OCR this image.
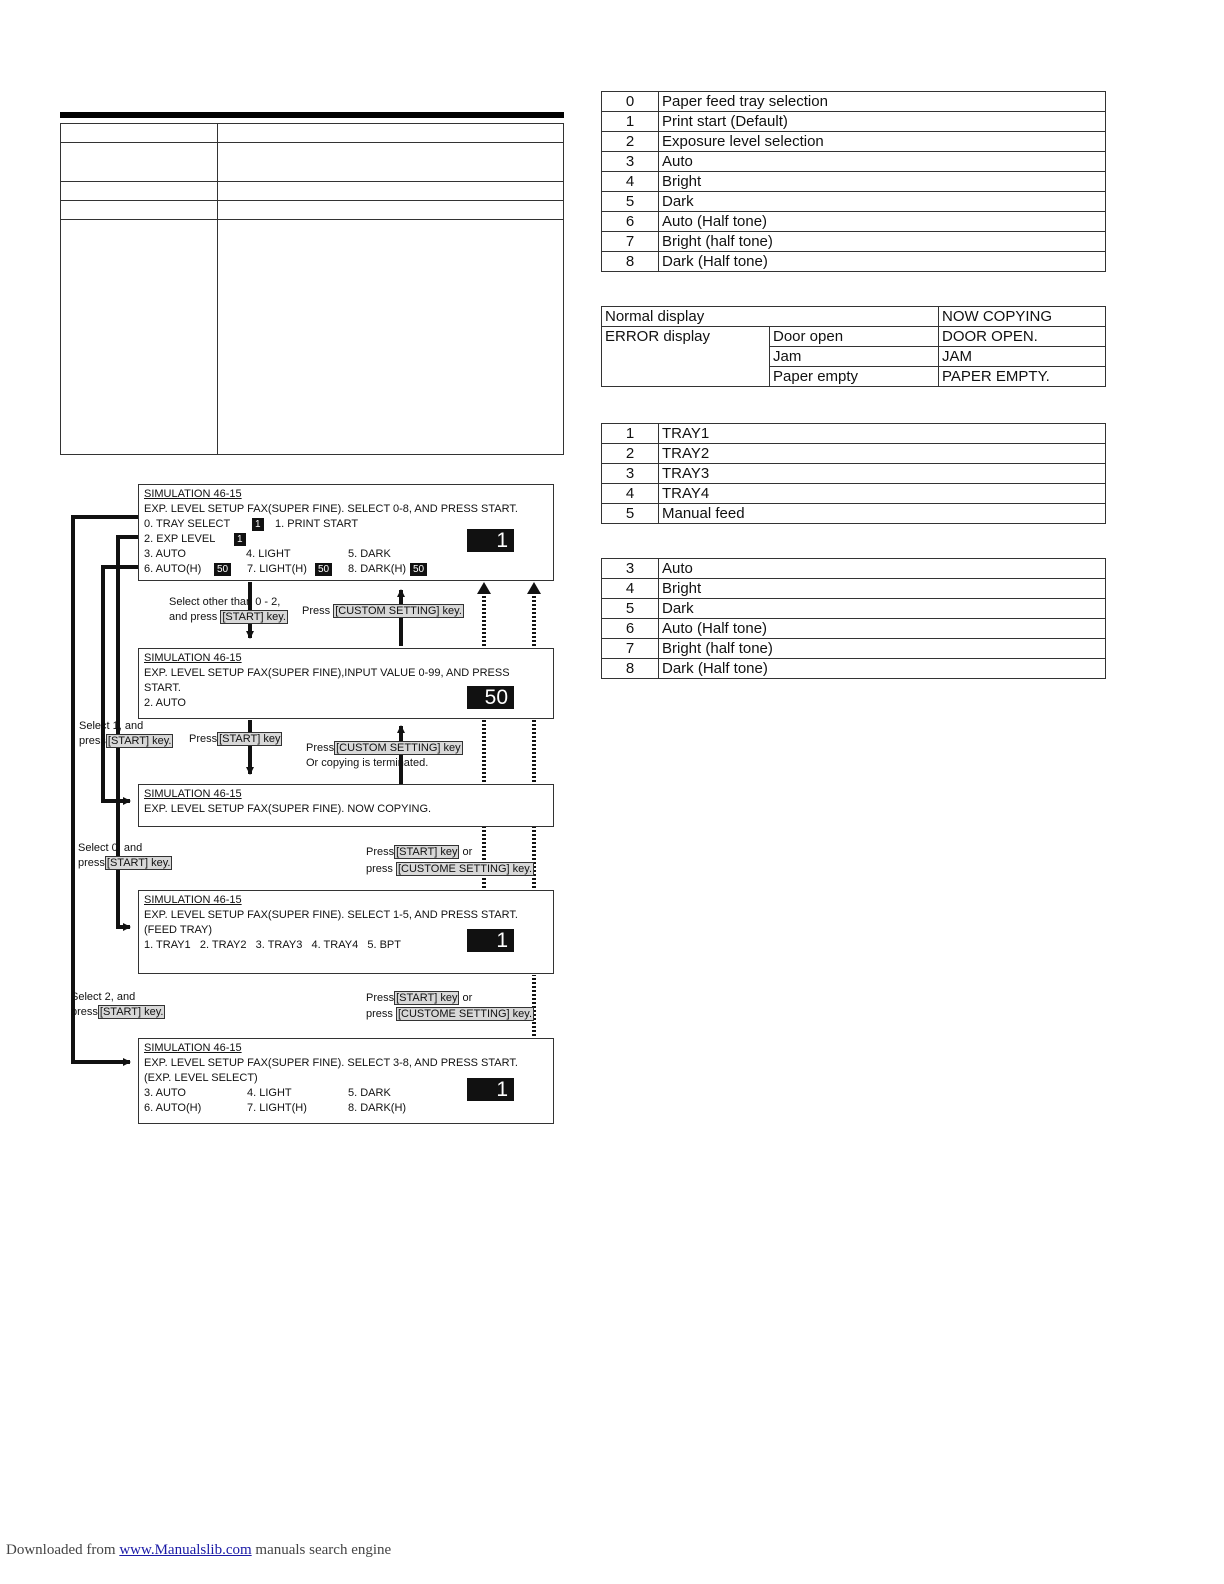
0	Paper feed tray selection
1	Print start (Default)
2	Exposure level selection
3	Auto
4	Bright
5	Dark
6	Auto (Half tone)
7	Bright (half tone)
8	Dark (Half tone)
Normal display		NOW COPYING
ERROR display	Door open	DOOR OPEN.
	Jam	JAM
	Paper empty	PAPER EMPTY.
1	TRAY1
2	TRAY2
3	TRAY3
4	TRAY4
5	Manual feed
3	Auto
4	Bright
5	Dark
6	Auto (Half tone)
7	Bright (half tone)
8	Dark (Half tone)
SIMULATION 46-15
EXP. LEVEL SETUP FAX(SUPER FINE). SELECT 0-8, AND PRESS START.
0. TRAY SELECT	1 1. PRINT START
2. EXP LEVEL	1
3. AUTO	4. LIGHT	5. DARK
6. AUTO(H)	50 7. LIGHT(H)	50 8. DARK(H) 50
1
Select other than 0 - 2,
and press [START] key. Press [CUSTOM SETTING] key.
SIMULATION 46-15
EXP. LEVEL SETUP FAX(SUPER FINE),INPUT VALUE 0-99, AND PRESS
START.
2. AUTO	50
Select 1, and
press [START] key. Press [START] key
Press [CUSTOM SETTING] key
Or copying is terminated.
SIMULATION 46-15
EXP. LEVEL SETUP FAX(SUPER FINE). NOW COPYING.
Select 0, and
press [START] key.
Press [START] key or
press [CUSTOME SETTING] key.
SIMULATION 46-15
EXP. LEVEL SETUP FAX(SUPER FINE). SELECT 1-5, AND PRESS START.
(FEED TRAY)
1. TRAY1   2. TRAY2   3. TRAY3   4. TRAY4   5. BPT	1
Select 2, and
press [START] key.
Press [START] key or
press [CUSTOME SETTING] key.
SIMULATION 46-15
EXP. LEVEL SETUP FAX(SUPER FINE). SELECT 3-8, AND PRESS START.
(EXP. LEVEL SELECT)
3. AUTO	4. LIGHT	5. DARK
6. AUTO(H)	7. LIGHT(H)	8. DARK(H)
1
Downloaded from www.Manualslib.com manuals search engine
